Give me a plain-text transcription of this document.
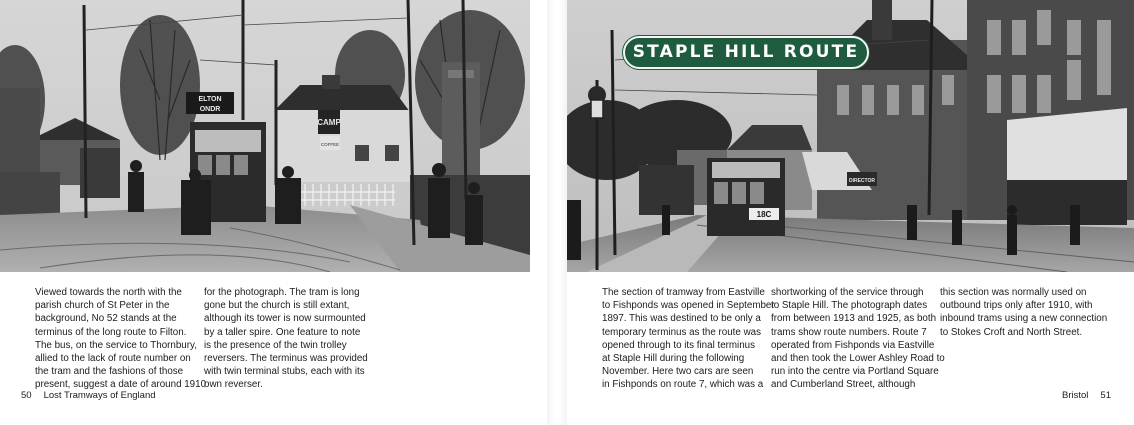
CAMP
COFFEE
ELTON
ONDR
Viewed towards the north with the
parish church of St Peter in the
background, No 52 stands at the
terminus of the long route to Filton.
The bus, on the service to Thornbury,
allied to the lack of route number on
the tram and the fashions of those
present, suggest a date of around 1910
for the photograph. The tram is long
gone but the church is still extant,
although its tower is now surmounted
by a taller spire. One feature to note
is the presence of the twin trolley
reversers. The terminus was provided
with twin terminal stubs, each with its
own reverser.
50 Lost Tramways of England
DIRECTOR
18C
STAPLE HILL ROUTE
The section of tramway from Eastville
to Fishponds was opened in September
1897. This was destined to be only a
temporary terminus as the route was
opened through to its final terminus
at Staple Hill during the following
November. Here two cars are seen
in Fishponds on route 7, which was a
shortworking of the service through
to Staple Hill. The photograph dates
from between 1913 and 1925, as both
trams show route numbers. Route 7
operated from Fishponds via Eastville
and then took the Lower Ashley Road to
run into the centre via Portland Square
and Cumberland Street, although
this section was normally used on
outbound trips only after 1910, with
inbound trams using a new connection
to Stokes Croft and North Street.
Bristol 51
